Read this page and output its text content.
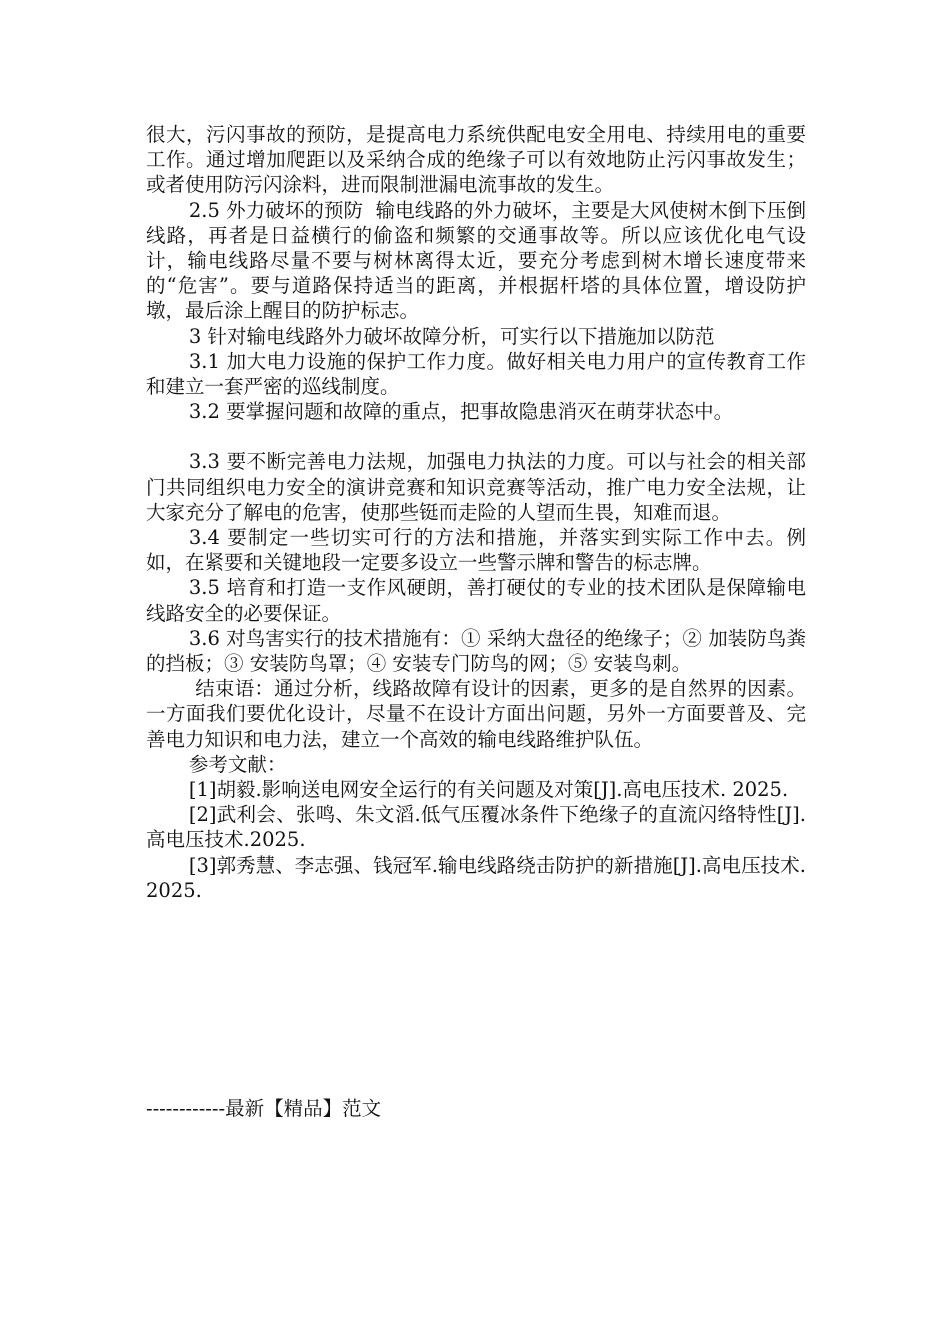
很大，污闪事故的预防，是提高电力系统供配电安全用电、持续用电的重要工作。通过增加爬距以及采纳合成的绝缘子可以有效地防止污闪事故发生；或者使用防污闪涂料，进而限制泄漏电流事故的发生。

2.5 外力破坏的预防  输电线路的外力破坏，主要是大风使树木倒下压倒线路，再者是日益横行的偷盗和频繁的交通事故等。所以应该优化电气设计，输电线路尽量不要与树林离得太近，要充分考虑到树木增长速度带来的“危害”。要与道路保持适当的距离，并根据杆塔的具体位置，增设防护墩，最后涂上醒目的防护标志。

3 针对输电线路外力破坏故障分析，可实行以下措施加以防范

3.1 加大电力设施的保护工作力度。做好相关电力用户的宣传教育工作和建立一套严密的巡线制度。

3.2 要掌握问题和故障的重点，把事故隐患消灭在萌芽状态中。

3.3 要不断完善电力法规，加强电力执法的力度。可以与社会的相关部门共同组织电力安全的演讲竞赛和知识竞赛等活动，推广电力安全法规，让大家充分了解电的危害，使那些铤而走险的人望而生畏，知难而退。

3.4 要制定一些切实可行的方法和措施，并落实到实际工作中去。例如，在紧要和关键地段一定要多设立一些警示牌和警告的标志牌。

3.5 培育和打造一支作风硬朗，善打硬仗的专业的技术团队是保障输电线路安全的必要保证。

3.6 对鸟害实行的技术措施有：① 采纳大盘径的绝缘子；② 加装防鸟粪的挡板；③ 安装防鸟罩；④ 安装专门防鸟的网；⑤ 安装鸟刺。

结束语：通过分析，线路故障有设计的因素，更多的是自然界的因素。一方面我们要优化设计，尽量不在设计方面出问题，另外一方面要普及、完善电力知识和电力法，建立一个高效的输电线路维护队伍。

参考文献：

[1]胡毅.影响送电网安全运行的有关问题及对策[J].高电压技术. 2025.

[2]武利会、张鸣、朱文滔.低气压覆冰条件下绝缘子的直流闪络特性[J].高电压技术.2025.

[3]郭秀慧、李志强、钱冠军.输电线路绕击防护的新措施[J].高电压技术.2025.

------------最新【精品】范文
